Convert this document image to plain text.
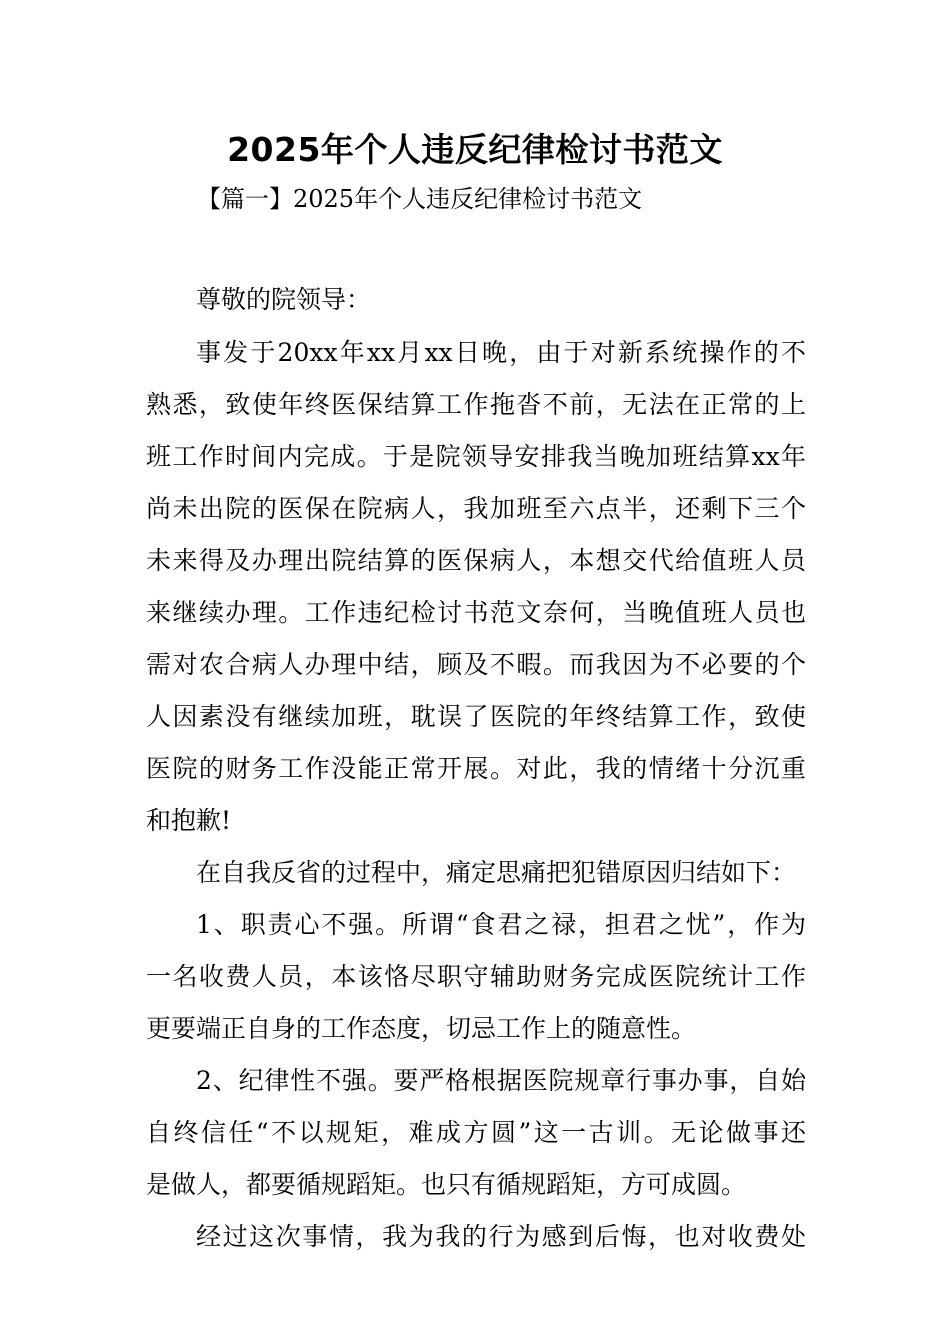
2025年个人违反纪律检讨书范文
【篇一】2025年个人违反纪律检讨书范文
尊敬的院领导：
事发于20xx年xx月xx日晚，由于对新系统操作的不
熟悉，致使年终医保结算工作拖沓不前，无法在正常的上
班工作时间内完成。于是院领导安排我当晚加班结算xx年
尚未出院的医保在院病人，我加班至六点半，还剩下三个
未来得及办理出院结算的医保病人，本想交代给值班人员
来继续办理。工作违纪检讨书范文奈何，当晚值班人员也
需对农合病人办理中结，顾及不暇。而我因为不必要的个
人因素没有继续加班，耽误了医院的年终结算工作，致使
医院的财务工作没能正常开展。对此，我的情绪十分沉重
和抱歉!
在自我反省的过程中，痛定思痛把犯错原因归结如下：
1、职责心不强。所谓“食君之禄，担君之忧”，作为
一名收费人员，本该恪尽职守辅助财务完成医院统计工作
更要端正自身的工作态度，切忌工作上的随意性。
2、纪律性不强。要严格根据医院规章行事办事，自始
自终信任“不以规矩，难成方圆”这一古训。无论做事还
是做人，都要循规蹈矩。也只有循规蹈矩，方可成圆。
经过这次事情，我为我的行为感到后悔，也对收费处
